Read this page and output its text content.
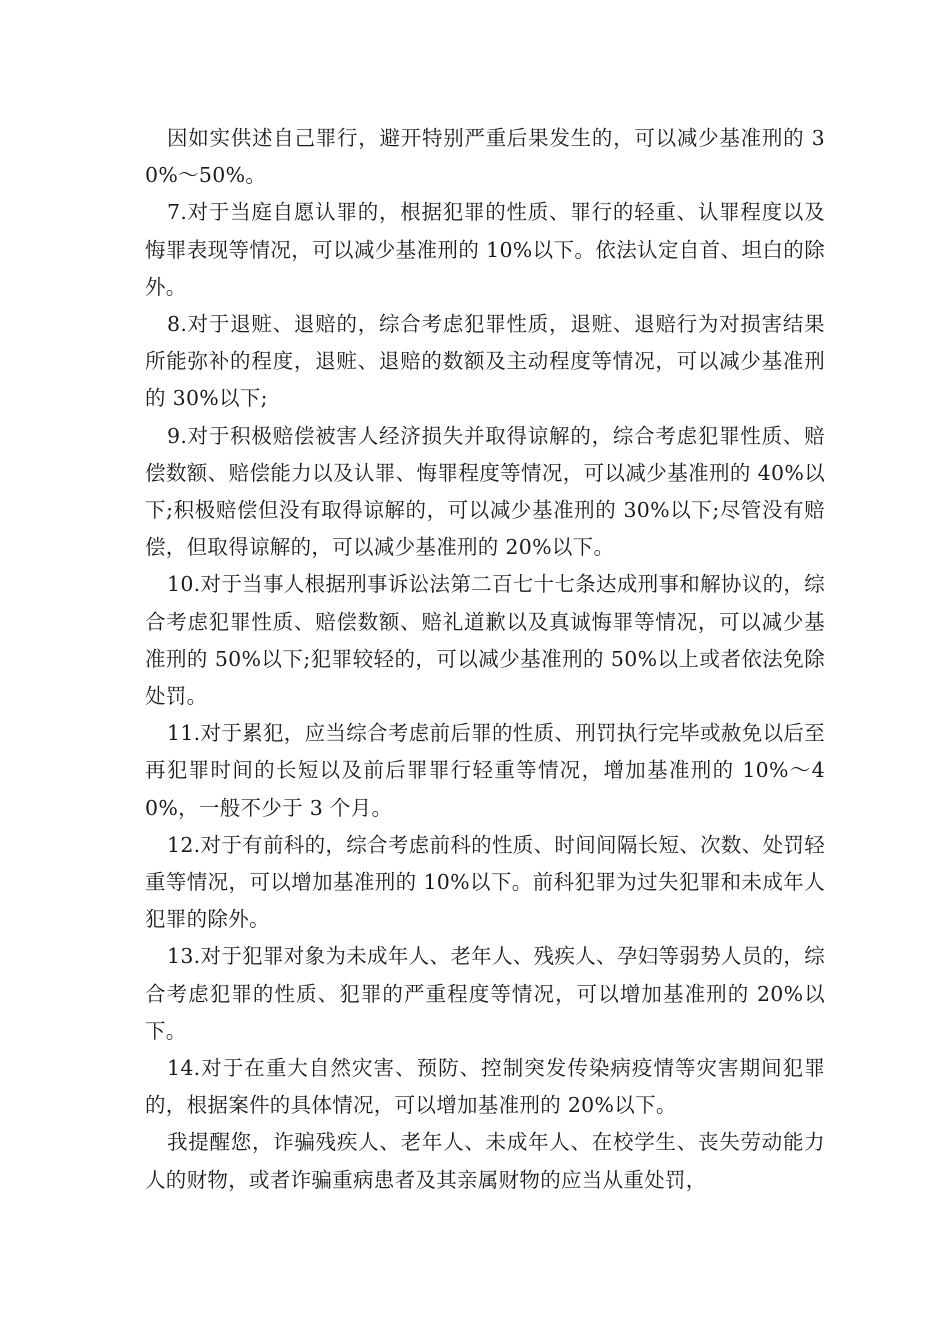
因如实供述自己罪行，避开特别严重后果发生的，可以减少基准刑的 30%～50%。

7.对于当庭自愿认罪的，根据犯罪的性质、罪行的轻重、认罪程度以及悔罪表现等情况，可以减少基准刑的 10%以下。依法认定自首、坦白的除外。

8.对于退赃、退赔的，综合考虑犯罪性质，退赃、退赔行为对损害结果所能弥补的程度，退赃、退赔的数额及主动程度等情况，可以减少基准刑的 30%以下;

9.对于积极赔偿被害人经济损失并取得谅解的，综合考虑犯罪性质、赔偿数额、赔偿能力以及认罪、悔罪程度等情况，可以减少基准刑的 40%以下;积极赔偿但没有取得谅解的，可以减少基准刑的 30%以下;尽管没有赔偿，但取得谅解的，可以减少基准刑的 20%以下。

10.对于当事人根据刑事诉讼法第二百七十七条达成刑事和解协议的，综合考虑犯罪性质、赔偿数额、赔礼道歉以及真诚悔罪等情况，可以减少基准刑的 50%以下;犯罪较轻的，可以减少基准刑的 50%以上或者依法免除处罚。

11.对于累犯，应当综合考虑前后罪的性质、刑罚执行完毕或赦免以后至再犯罪时间的长短以及前后罪罪行轻重等情况，增加基准刑的 10%～40%，一般不少于 3 个月。

12.对于有前科的，综合考虑前科的性质、时间间隔长短、次数、处罚轻重等情况，可以增加基准刑的 10%以下。前科犯罪为过失犯罪和未成年人犯罪的除外。

13.对于犯罪对象为未成年人、老年人、残疾人、孕妇等弱势人员的，综合考虑犯罪的性质、犯罪的严重程度等情况，可以增加基准刑的 20%以下。

14.对于在重大自然灾害、预防、控制突发传染病疫情等灾害期间犯罪的，根据案件的具体情况，可以增加基准刑的 20%以下。

我提醒您，诈骗残疾人、老年人、未成年人、在校学生、丧失劳动能力人的财物，或者诈骗重病患者及其亲属财物的应当从重处罚，
